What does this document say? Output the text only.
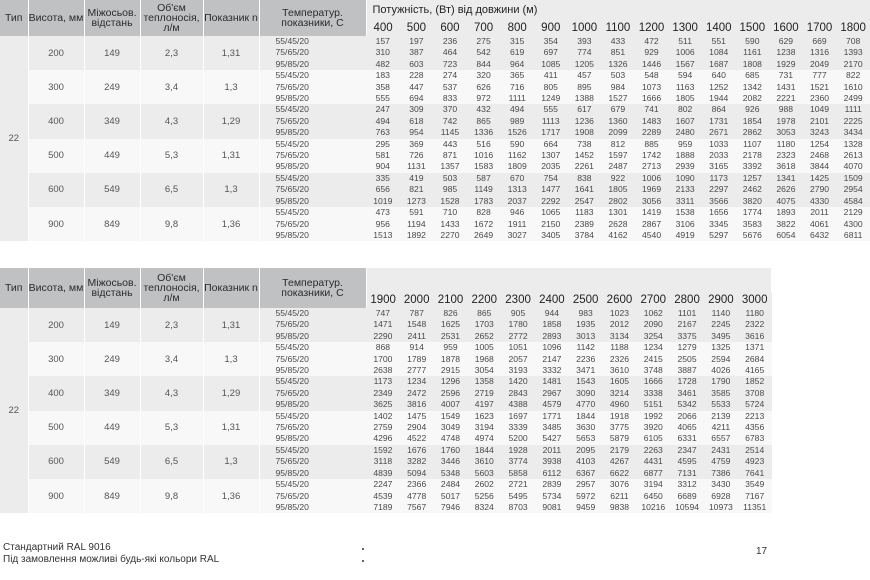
Тип	Висота, мм	Міжосьов. відстань	Об'єм теплоносія, л/м	Показник n	Температур. показники, С	Потужність, (Вт) від довжини (м)														
						400	500	600	700	800	900	1000	1100	1200	1300	1400	1500	1600	1700	1800
22	200	149	2,3	1,31	55/45/20	157	197	236	275	315	354	393	433	472	511	551	590	629	669	708
					75/65/20	310	387	464	542	619	697	774	851	929	1006	1084	1161	1238	1316	1393
					95/85/20	482	603	723	844	964	1085	1205	1326	1446	1567	1687	1808	1929	2049	2170
	300	249	3,4	1,3	55/45/20	183	228	274	320	365	411	457	503	548	594	640	685	731	777	822
					75/65/20	358	447	537	626	716	805	895	984	1073	1163	1252	1342	1431	1521	1610
					95/85/20	555	694	833	972	1111	1249	1388	1527	1666	1805	1944	2082	2221	2360	2499
	400	349	4,3	1,29	55/45/20	247	309	370	432	494	555	617	679	741	802	864	926	988	1049	1111
					75/65/20	494	618	742	865	989	1113	1236	1360	1483	1607	1731	1854	1978	2101	2225
					95/85/20	763	954	1145	1336	1526	1717	1908	2099	2289	2480	2671	2862	3053	3243	3434
	500	449	5,3	1,31	55/45/20	295	369	443	516	590	664	738	812	885	959	1033	1107	1180	1254	1328
					75/65/20	581	726	871	1016	1162	1307	1452	1597	1742	1888	2033	2178	2323	2468	2613
					95/85/20	904	1131	1357	1583	1809	2035	2261	2487	2713	2939	3165	3392	3618	3844	4070
	600	549	6,5	1,3	55/45/20	335	419	503	587	670	754	838	922	1006	1090	1173	1257	1341	1425	1509
					75/65/20	656	821	985	1149	1313	1477	1641	1805	1969	2133	2297	2462	2626	2790	2954
					95/85/20	1019	1273	1528	1783	2037	2292	2547	2802	3056	3311	3566	3820	4075	4330	4584
	900	849	9,8	1,36	55/45/20	473	591	710	828	946	1065	1183	1301	1419	1538	1656	1774	1893	2011	2129
					75/65/20	956	1194	1433	1672	1911	2150	2389	2628	2867	3106	3345	3583	3822	4061	4300
					95/85/20	1513	1892	2270	2649	3027	3405	3784	4162	4540	4919	5297	5676	6054	6432	6811
Тип	Висота, мм	Міжосьов. відстань	Об'єм теплоносія, л/м	Показник n	Температур. показники, С												
						1900	2000	2100	2200	2300	2400	2500	2600	2700	2800	2900	3000
22	200	149	2,3	1,31	55/45/20	747	787	826	865	905	944	983	1023	1062	1101	1140	1180
					75/65/20	1471	1548	1625	1703	1780	1858	1935	2012	2090	2167	2245	2322
					95/85/20	2290	2411	2531	2652	2772	2893	3013	3134	3254	3375	3495	3616
	300	249	3,4	1,3	55/45/20	868	914	959	1005	1051	1096	1142	1188	1234	1279	1325	1371
					75/65/20	1700	1789	1878	1968	2057	2147	2236	2326	2415	2505	2594	2684
					95/85/20	2638	2777	2915	3054	3193	3332	3471	3610	3748	3887	4026	4165
	400	349	4,3	1,29	55/45/20	1173	1234	1296	1358	1420	1481	1543	1605	1666	1728	1790	1852
					75/65/20	2349	2472	2596	2719	2843	2967	3090	3214	3338	3461	3585	3708
					95/85/20	3625	3816	4007	4197	4388	4579	4770	4960	5151	5342	5533	5724
	500	449	5,3	1,31	55/45/20	1402	1475	1549	1623	1697	1771	1844	1918	1992	2066	2139	2213
					75/65/20	2759	2904	3049	3194	3339	3485	3630	3775	3920	4065	4211	4356
					95/85/20	4296	4522	4748	4974	5200	5427	5653	5879	6105	6331	6557	6783
	600	549	6,5	1,3	55/45/20	1592	1676	1760	1844	1928	2011	2095	2179	2263	2347	2431	2514
					75/65/20	3118	3282	3446	3610	3774	3938	4103	4267	4431	4595	4759	4923
					95/85/20	4839	5094	5348	5603	5858	6112	6367	6622	6877	7131	7386	7641
	900	849	9,8	1,36	55/45/20	2247	2366	2484	2602	2721	2839	2957	3076	3194	3312	3430	3549
					75/65/20	4539	4778	5017	5256	5495	5734	5972	6211	6450	6689	6928	7167
					95/85/20	7189	7567	7946	8324	8703	9081	9459	9838	10216	10594	10973	11351
Стандартний RAL 9016
Під замовлення можливі будь-які кольори RAL
17
